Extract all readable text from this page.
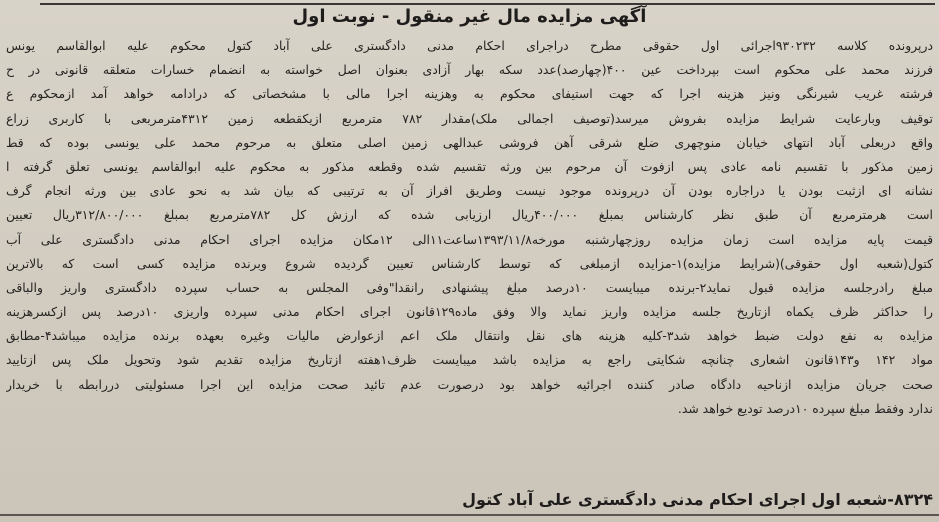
آگهی مزایده مال غیر منقول - نوبت اول
درپرونده کلاسه ۹۳۰۲۳۲اجرائی اول حقوقی مطرح دراجرای احکام مدنی دادگستری علی آباد کتول محکوم علیه ابوالقاسم یونس
فرزند محمد علی محکوم است بپرداخت عین ۴۰۰(چهارصد)عدد سکه بهار آزادی بعنوان اصل خواسته به انضمام خسارات متعلقه قانونی در ح
فرشته غریب شیرنگی ونیز هزینه اجرا که جهت استیفای محکوم به وهزینه اجرا مالی با مشخصاتی که درادامه خواهد آمد ازمحکوم ع
توقیف وبارعایت شرایط مزایده بفروش میرسد(توصیف اجمالی ملک)مقدار ۷۸۲ مترمربع ازیکقطعه زمین ۴۳۱۲مترمربعی با کاربری زراع
واقع دربعلی آباد انتهای خیابان منوچهری ضلع شرقی آهن فروشی عبدالهی زمین اصلی متعلق به مرحوم محمد علی یونسی بوده که قط
زمین مذکور با تقسیم نامه عادی پس ازفوت آن مرحوم بین ورثه تقسیم شده وقطعه مذکور به محکوم علیه ابوالقاسم یونسی تعلق گرفته ا
نشانه ای ازثبت بودن یا دراجاره بودن آن درپرونده موجود نیست وطریق افراز آن به ترتیبی که بیان شد به نحو عادی بین ورثه انجام گرف
است هرمترمربع آن طبق نظر کارشناس بمبلغ ۴۰۰/۰۰۰ریال ارزیابی شده که ارزش کل ۷۸۲مترمربع بمبلغ ۳۱۲/۸۰۰/۰۰۰ریال تعیین
قیمت پایه مزایده است زمان مزایده روزچهارشنبه مورخه۱۳۹۳/۱۱/۸ساعت۱۱الی ۱۲مکان مزایده اجرای احکام مدنی دادگستری علی آب
کتول(شعبه اول حقوقی)(شرایط مزایده)۱-مزایده ازمبلغی که توسط کارشناس تعیین گردیده شروع وبرنده مزایده کسی است که بالاترین
مبلغ رادرجلسه مزایده قبول نماید۲-برنده میبایست ۱۰درصد مبلغ پیشنهادی رانقدا"وفی المجلس به حساب سپرده دادگستری واریز والباقی
را حداکثر ظرف یکماه ازتاریخ جلسه مزایده واریز نماید والا وفق ماده۱۲۹قانون اجرای احکام مدنی سپرده واریزی ۱۰درصد پس ازکسرهزینه
مزایده به نفع دولت ضبط خواهد شد۳-کلیه هزینه های نقل وانتقال ملک اعم ازعوارض مالیات وغیره بعهده برنده مزایده میباشد۴-مطابق
مواد ۱۴۲ و۱۴۳قانون اشعاری چنانچه شکایتی راجع به مزایده باشد میبایست ظرف۱هفته ازتاریخ مزایده تقدیم شود وتحویل ملک پس ازتایید
صحت جریان مزایده ازناحیه دادگاه صادر کننده اجرائیه خواهد بود درصورت عدم تائید صحت مزایده این اجرا مسئولیتی دررابطه با خریدار
ندارد وفقط مبلغ سپرده ۱۰درصد تودیع خواهد شد.
۸۳۲۴-شعبه اول اجرای احکام مدنی دادگستری علی آباد کتول
